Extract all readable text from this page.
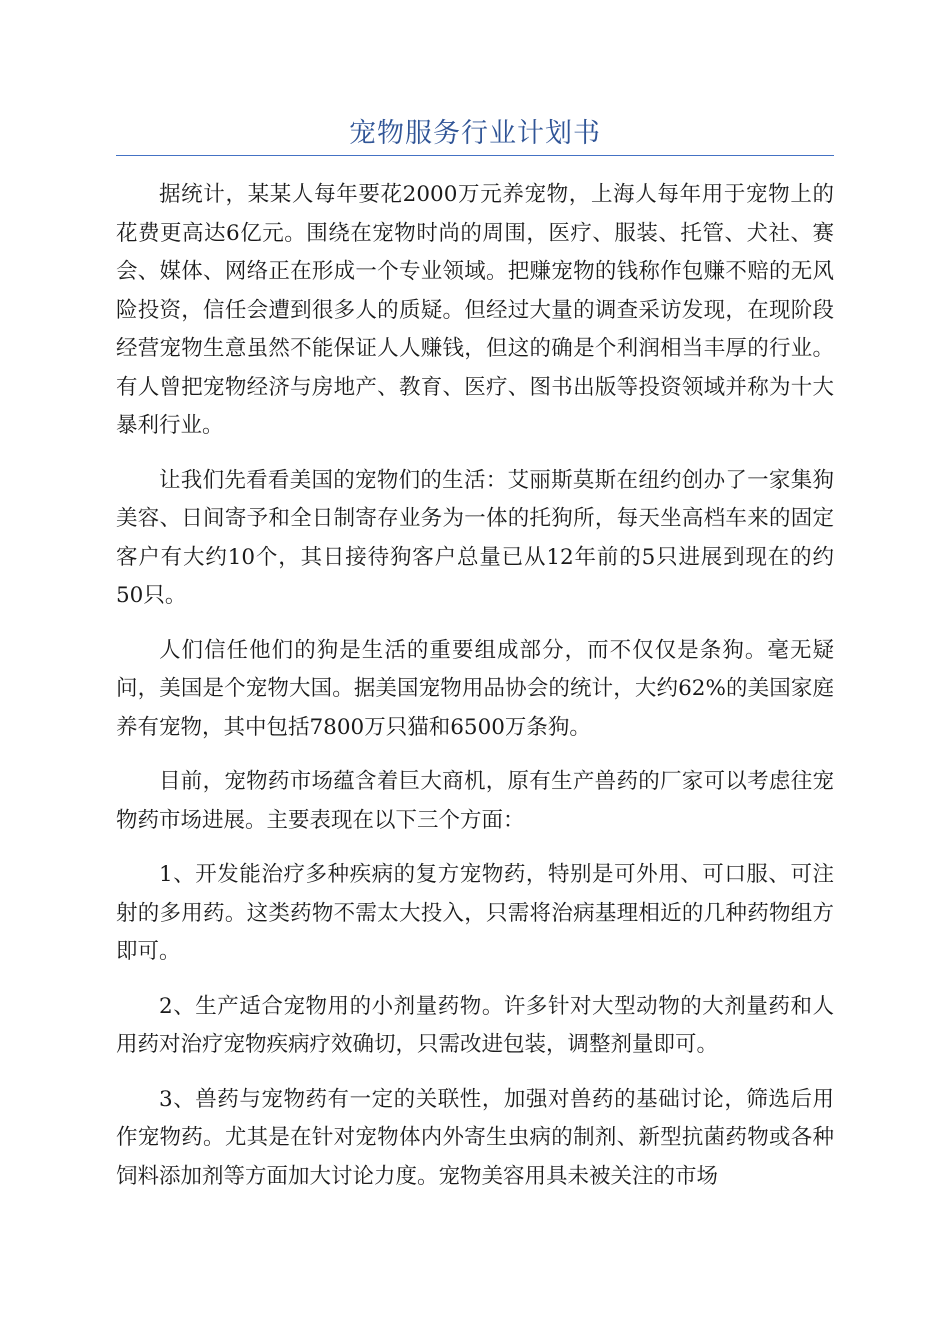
宠物服务行业计划书

据统计，某某人每年要花2000万元养宠物，上海人每年用于宠物上的花费更高达6亿元。围绕在宠物时尚的周围，医疗、服装、托管、犬社、赛会、媒体、网络正在形成一个专业领域。把赚宠物的钱称作包赚不赔的无风险投资，信任会遭到很多人的质疑。但经过大量的调查采访发现，在现阶段经营宠物生意虽然不能保证人人赚钱，但这的确是个利润相当丰厚的行业。有人曾把宠物经济与房地产、教育、医疗、图书出版等投资领域并称为十大暴利行业。

让我们先看看美国的宠物们的生活：艾丽斯莫斯在纽约创办了一家集狗美容、日间寄予和全日制寄存业务为一体的托狗所，每天坐高档车来的固定客户有大约10个，其日接待狗客户总量已从12年前的5只进展到现在的约50只。

人们信任他们的狗是生活的重要组成部分，而不仅仅是条狗。毫无疑问，美国是个宠物大国。据美国宠物用品协会的统计，大约62%的美国家庭养有宠物，其中包括7800万只猫和6500万条狗。

目前，宠物药市场蕴含着巨大商机，原有生产兽药的厂家可以考虑往宠物药市场进展。主要表现在以下三个方面：

1、开发能治疗多种疾病的复方宠物药，特别是可外用、可口服、可注射的多用药。这类药物不需太大投入，只需将治病基理相近的几种药物组方即可。

2、生产适合宠物用的小剂量药物。许多针对大型动物的大剂量药和人用药对治疗宠物疾病疗效确切，只需改进包装，调整剂量即可。

3、兽药与宠物药有一定的关联性，加强对兽药的基础讨论，筛选后用作宠物药。尤其是在针对宠物体内外寄生虫病的制剂、新型抗菌药物或各种饲料添加剂等方面加大讨论力度。宠物美容用具未被关注的市场
